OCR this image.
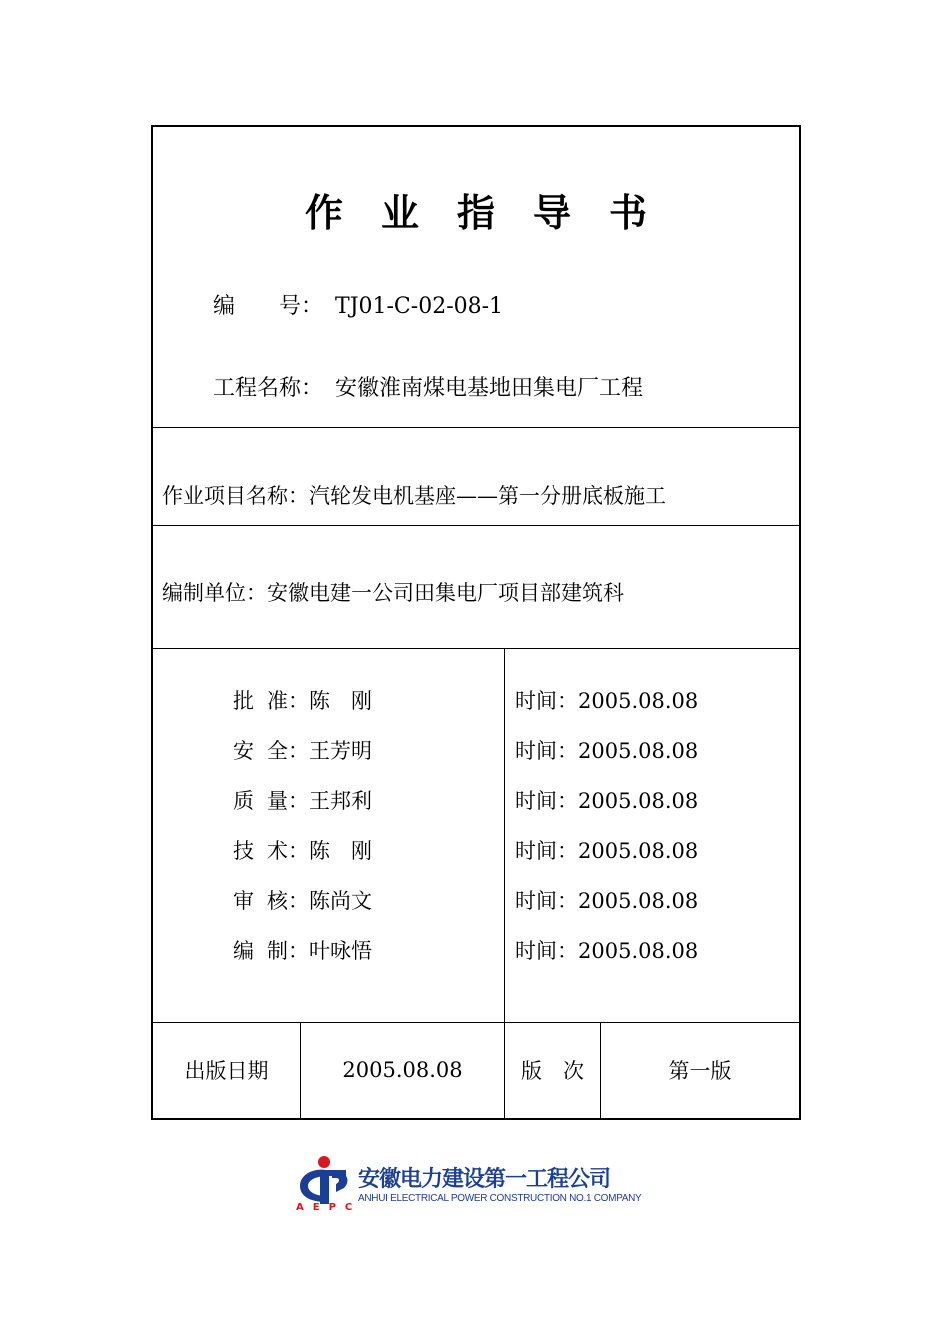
作业指导书
编　　号： TJ01-C-02-08-1
工程名称： 安徽淮南煤电基地田集电厂工程
作业项目名称：汽轮发电机基座——第一分册底板施工
编制单位：安徽电建一公司田集电厂项目部建筑科
批准：陈　刚	时间：2005.08.08
安全：王芳明	时间：2005.08.08
质量：王邦利	时间：2005.08.08
技术：陈　刚	时间：2005.08.08
审核：陈尚文	时间：2005.08.08
编制：叶咏悟	时间：2005.08.08
出版日期	2005.08.08	版　次	第一版
AEPC
安徽电力建设第一工程公司
ANHUI ELECTRICAL POWER CONSTRUCTION NO.1 COMPANY
